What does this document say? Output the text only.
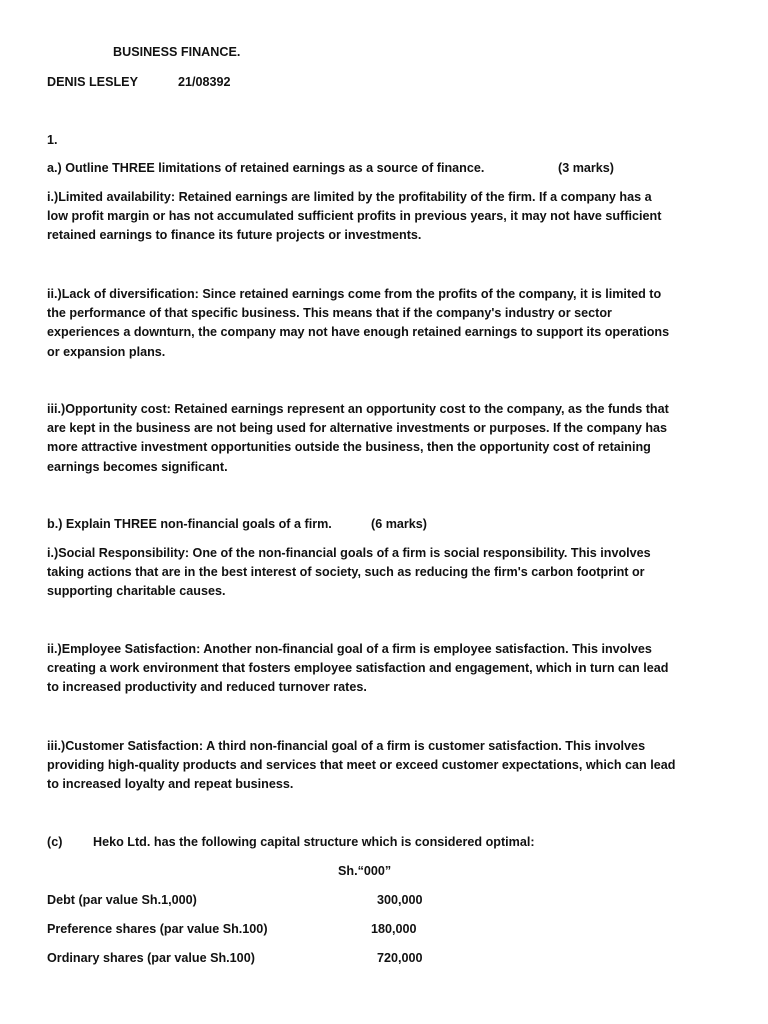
BUSINESS FINANCE.

DENIS LESLEY	21/08392

1.

a.) Outline THREE limitations of retained earnings as a source of finance.	(3 marks)

i.)Limited availability: Retained earnings are limited by the profitability of the firm. If a company has a
low profit margin or has not accumulated sufficient profits in previous years, it may not have sufficient
retained earnings to finance its future projects or investments.
ii.)Lack of diversification: Since retained earnings come from the profits of the company, it is limited to
the performance of that specific business. This means that if the company's industry or sector
experiences a downturn, the company may not have enough retained earnings to support its operations
or expansion plans.
iii.)Opportunity cost: Retained earnings represent an opportunity cost to the company, as the funds that
are kept in the business are not being used for alternative investments or purposes. If the company has
more attractive investment opportunities outside the business, then the opportunity cost of retaining
earnings becomes significant.

b.) Explain THREE non-financial goals of a firm.	(6 marks)

i.)Social Responsibility: One of the non-financial goals of a firm is social responsibility. This involves
taking actions that are in the best interest of society, such as reducing the firm's carbon footprint or
supporting charitable causes.
ii.)Employee Satisfaction: Another non-financial goal of a firm is employee satisfaction. This involves
creating a work environment that fosters employee satisfaction and engagement, which in turn can lead
to increased productivity and reduced turnover rates.
iii.)Customer Satisfaction: A third non-financial goal of a firm is customer satisfaction. This involves
providing high-quality products and services that meet or exceed customer expectations, which can lead
to increased loyalty and repeat business.

(c) Heko Ltd. has the following capital structure which is considered optimal:

Sh.“000”

Debt (par value Sh.1,000)	300,000

Preference shares (par value Sh.100)	180,000

Ordinary shares (par value Sh.100)	720,000
